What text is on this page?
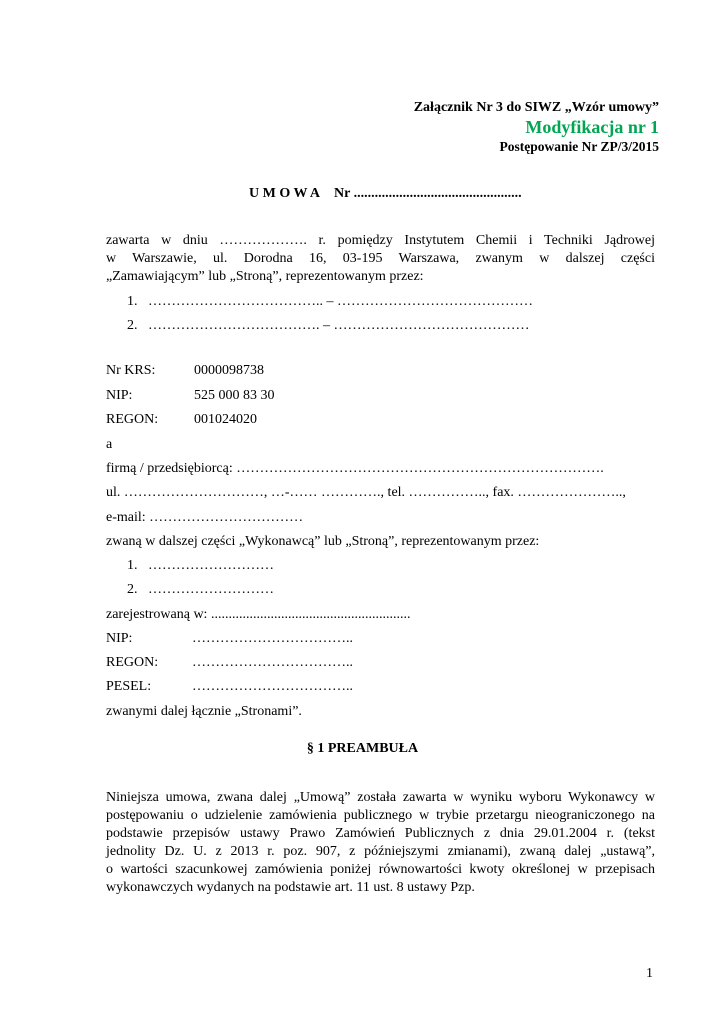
Załącznik Nr 3 do SIWZ „Wzór umowy”
Modyfikacja nr 1
Postępowanie Nr ZP/3/2015
U M O W A Nr ................................................
zawarta w dniu ………………. r. pomiędzy Instytutem Chemii i Techniki Jądrowej
w Warszawie, ul. Dorodna 16, 03-195 Warszawa, zwanym w dalszej części
„Zamawiającym” lub „Stroną”, reprezentowanym przez:
1. ……………………………….. – ……………………………………
2. ………………………………. – ……………………………………
Nr KRS:	0000098738
NIP:	525 000 83 30
REGON:	001024020
a
firmą / przedsiębiorcą: …………………………………………………………………….
ul. …………………………, …-…… …………., tel. …………….., fax. …………………..,
e-mail: ……………………………
zwaną w dalszej części „Wykonawcą” lub „Stroną”, reprezentowanym przez:
1. ………………………
2. ………………………
zarejestrowaną w: .........................................................
NIP:	……………………………..
REGON: ……………………………..
PESEL:	……………………………..
zwanymi dalej łącznie „Stronami”.
§ 1 PREAMBUŁA
Niniejsza umowa, zwana dalej „Umową” została zawarta w wyniku wyboru Wykonawcy w
postępowaniu o udzielenie zamówienia publicznego w trybie przetargu nieograniczonego na
podstawie przepisów ustawy Prawo Zamówień Publicznych z dnia 29.01.2004 r. (tekst
jednolity Dz. U. z 2013 r. poz. 907, z późniejszymi zmianami), zwaną dalej „ustawą”,
o wartości szacunkowej zamówienia poniżej równowartości kwoty określonej w przepisach
wykonawczych wydanych na podstawie art. 11 ust. 8 ustawy Pzp.
1
